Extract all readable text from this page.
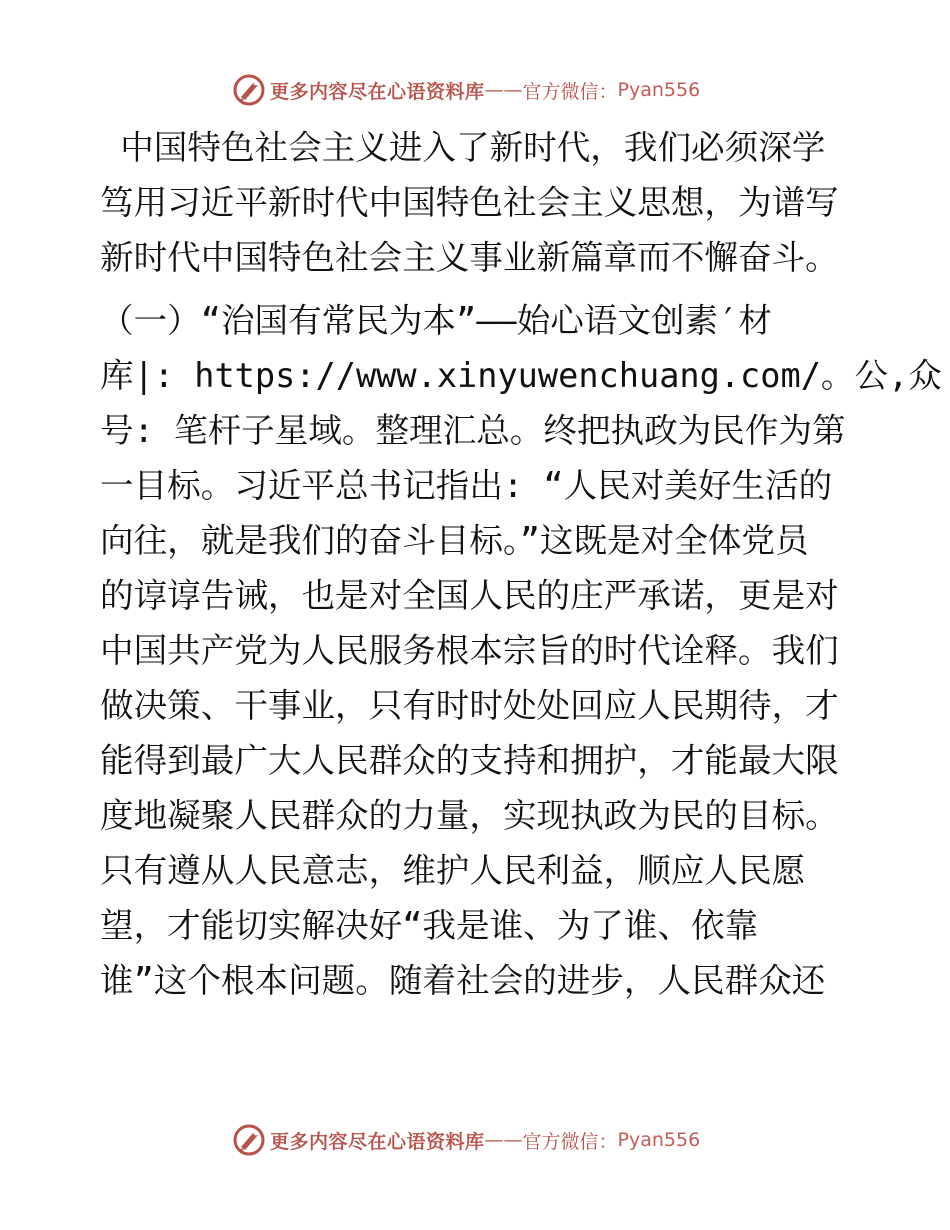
更多内容尽在心语资料库 —— 官方微信： Pyan556
中国特色社会主义进入了新时代，我们必须深学
笃用习近平新时代中国特色社会主义思想，为谱写
新时代中国特色社会主义事业新篇章而不懈奋斗。
（一）“治国有常民为本”——始心语文创素′材
库|: https://www.xinyuwenchuang.com/。公,众
号: 笔杆子星域。整理汇总。终把执政为民作为第
一目标。习近平总书记指出: “人民对美好生活的
向往，就是我们的奋斗目标。”这既是对全体党员
的谆谆告诫，也是对全国人民的庄严承诺，更是对
中国共产党为人民服务根本宗旨的时代诠释。我们
做决策、干事业，只有时时处处回应人民期待，才
能得到最广大人民群众的支持和拥护，才能最大限
度地凝聚人民群众的力量，实现执政为民的目标。
只有遵从人民意志，维护人民利益，顺应人民愿
望，才能切实解决好“我是谁、为了谁、依靠
谁”这个根本问题。随着社会的进步，人民群众还
更多内容尽在心语资料库 —— 官方微信： Pyan556
